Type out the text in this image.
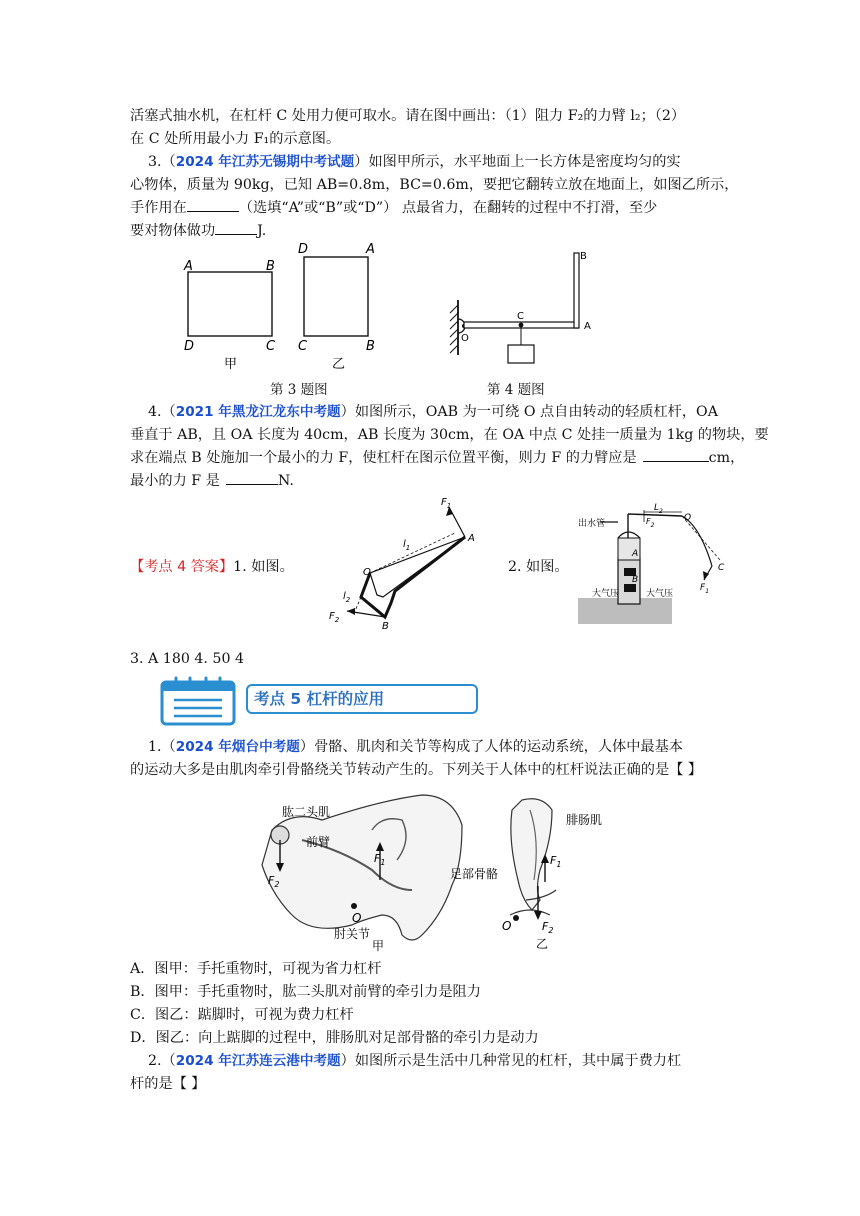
活塞式抽水机，在杠杆 C 处用力便可取水。请在图中画出：（1）阻力 F₂的力臂 l₂；（2）
在 C 处所用最小力 F₁的示意图。
3.（2024 年江苏无锡期中考试题）如图甲所示，水平地面上一长方体是密度均匀的实
心物体，质量为 90kg，已知 AB=0.8m，BC=0.6m，要把它翻转立放在地面上，如图乙所示，
手作用在	（选填“A”或“B”或“D”） 点最省力，在翻转的过程中不打滑，至少
要对物体做功	J.
A	B
D	C
甲
D	A
C	B
乙
第 3 题图
O
C
A
B
第 4 题图
4.（2021 年黑龙江龙东中考题）如图所示，OAB 为一可绕 O 点自由转动的轻质杠杆，OA
垂直于 AB，且 OA 长度为 40cm，AB 长度为 30cm，在 OA 中点 C 处挂一质量为 1kg 的物块，要
求在端点 B 处施加一个最小的力 F，使杠杆在图示位置平衡，则力 F 的力臂应是	cm，
最小的力 F 是	N.
【考点 4 答案】1. 如图。	2. 如图。
$F_1$
$l_1$
O
A
B
$l_2$
$F_2$
出水管
$L_2$
O
C
A
B
大气压	大气压
$F_1$
$F_2$
3. A 180 4. 50 4
考点 5 杠杆的应用
1.（2024 年烟台中考题）骨骼、肌肉和关节等构成了人体的运动系统，人体中最基本
的运动大多是由肌肉牵引骨骼绕关节转动产生的。下列关于人体中的杠杆说法正确的是【 】
肱二头肌
前臂
$F_2$
$F_1$
O
肘关节
甲
腓肠肌
$F_1$
足部骨骼
O	$F_2$
乙
A．图甲：手托重物时，可视为省力杠杆
B．图甲：手托重物时，肱二头肌对前臂的牵引力是阻力
C．图乙：踮脚时，可视为费力杠杆
D．图乙：向上踮脚的过程中，腓肠肌对足部骨骼的牵引力是动力
2.（2024 年江苏连云港中考题）如图所示是生活中几种常见的杠杆，其中属于费力杠
杆的是【 】
